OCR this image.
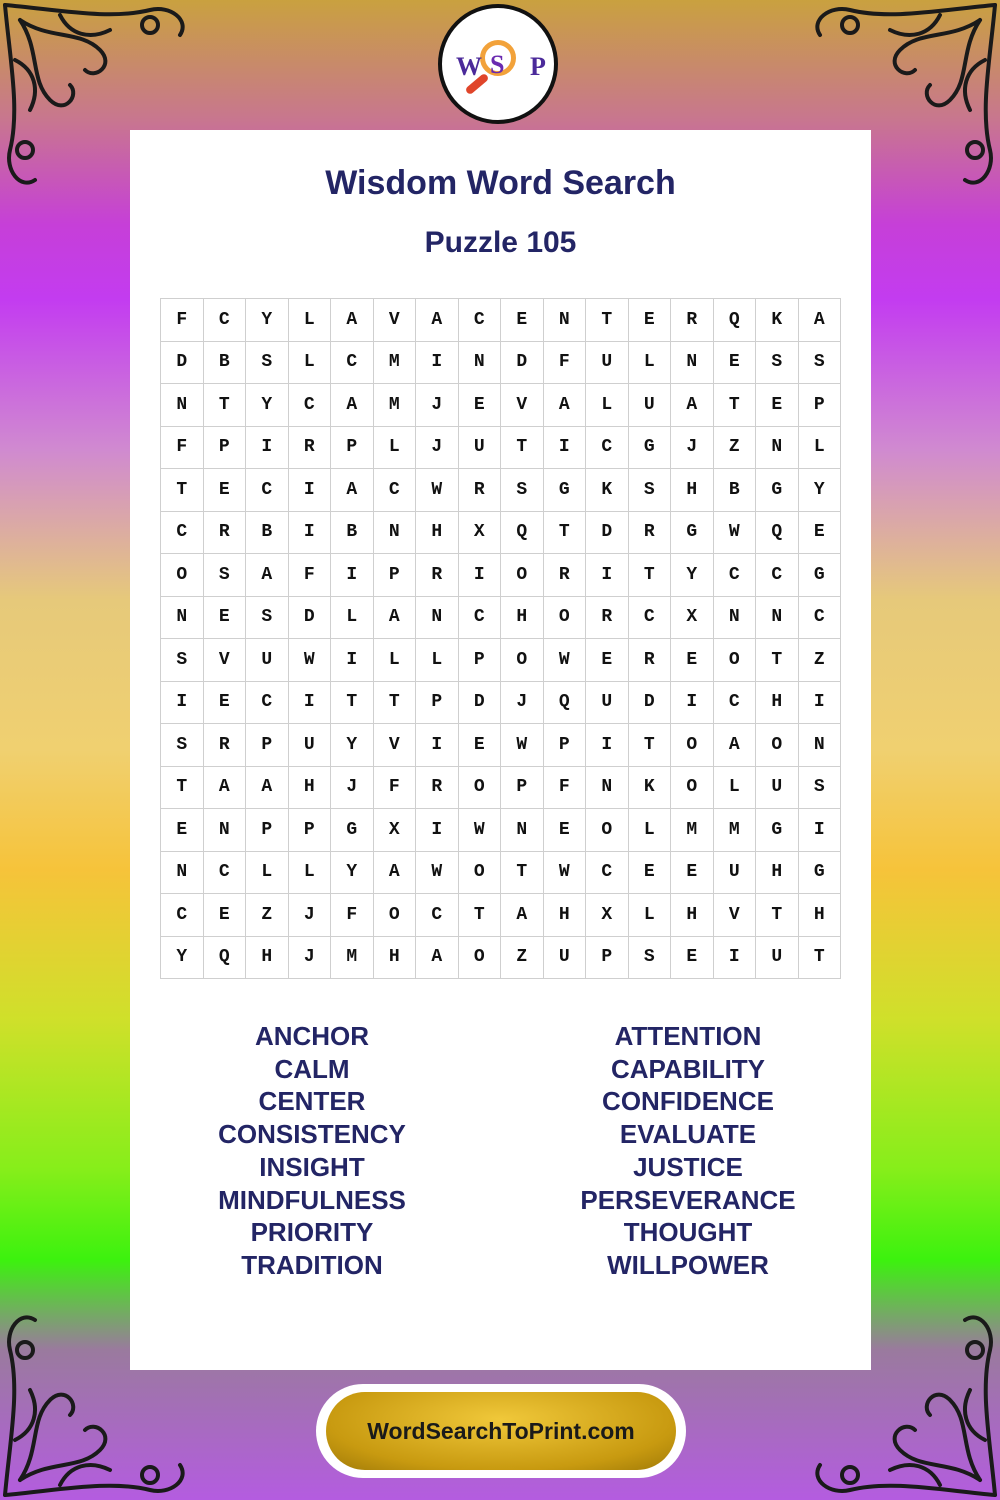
W S P
Wisdom Word Search
Puzzle 105
F	C	Y	L	A	V	A	C	E	N	T	E	R	Q	K	A
D	B	S	L	C	M	I	N	D	F	U	L	N	E	S	S
N	T	Y	C	A	M	J	E	V	A	L	U	A	T	E	P
F	P	I	R	P	L	J	U	T	I	C	G	J	Z	N	L
T	E	C	I	A	C	W	R	S	G	K	S	H	B	G	Y
C	R	B	I	B	N	H	X	Q	T	D	R	G	W	Q	E
O	S	A	F	I	P	R	I	O	R	I	T	Y	C	C	G
N	E	S	D	L	A	N	C	H	O	R	C	X	N	N	C
S	V	U	W	I	L	L	P	O	W	E	R	E	O	T	Z
I	E	C	I	T	T	P	D	J	Q	U	D	I	C	H	I
S	R	P	U	Y	V	I	E	W	P	I	T	O	A	O	N
T	A	A	H	J	F	R	O	P	F	N	K	O	L	U	S
E	N	P	P	G	X	I	W	N	E	O	L	M	M	G	I
N	C	L	L	Y	A	W	O	T	W	C	E	E	U	H	G
C	E	Z	J	F	O	C	T	A	H	X	L	H	V	T	H
Y	Q	H	J	M	H	A	O	Z	U	P	S	E	I	U	T
ANCHOR
CALM
CENTER
CONSISTENCY
INSIGHT
MINDFULNESS
PRIORITY
TRADITION
ATTENTION
CAPABILITY
CONFIDENCE
EVALUATE
JUSTICE
PERSEVERANCE
THOUGHT
WILLPOWER
WordSearchToPrint.com
